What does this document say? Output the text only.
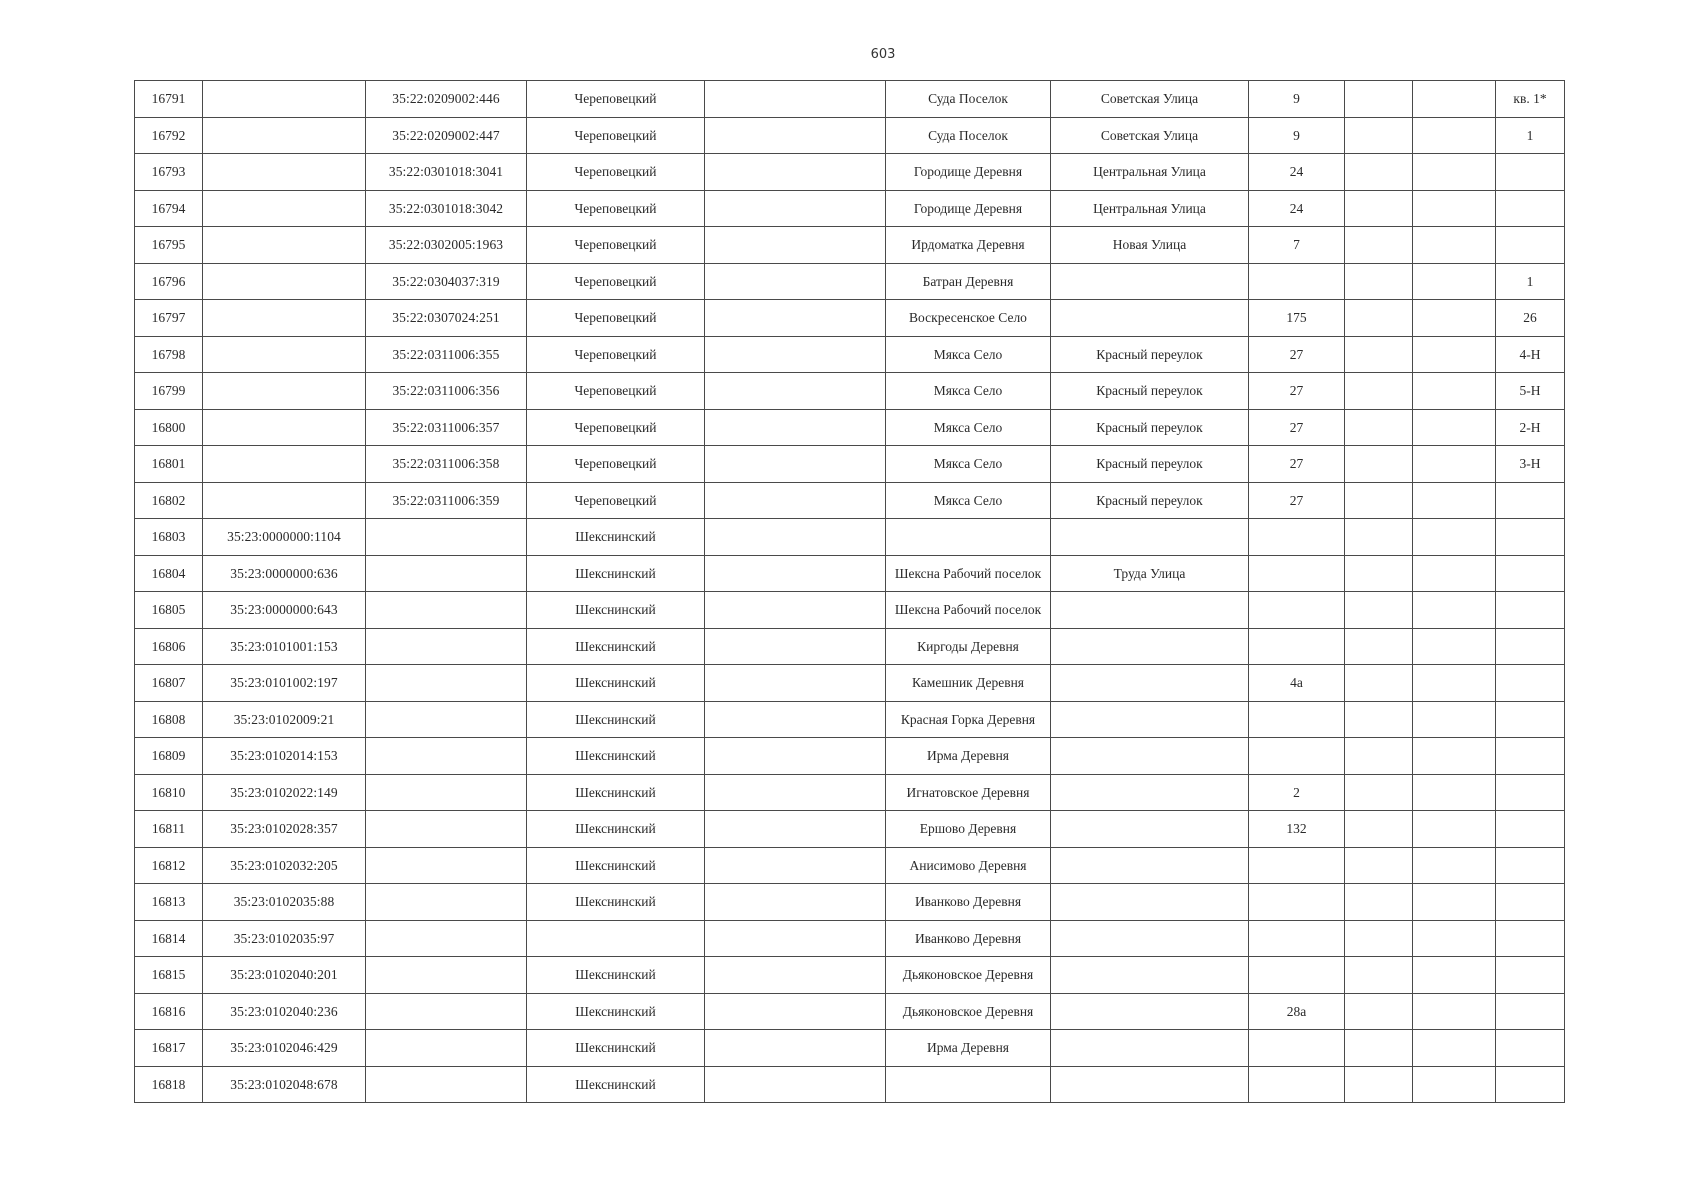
603
16791		35:22:0209002:446	Череповецкий		Суда Поселок	Советская Улица	9			кв. 1*
16792		35:22:0209002:447	Череповецкий		Суда Поселок	Советская Улица	9			1
16793		35:22:0301018:3041	Череповецкий		Городище Деревня	Центральная Улица	24			
16794		35:22:0301018:3042	Череповецкий		Городище Деревня	Центральная Улица	24			
16795		35:22:0302005:1963	Череповецкий		Ирдоматка Деревня	Новая Улица	7			
16796		35:22:0304037:319	Череповецкий		Батран Деревня					1
16797		35:22:0307024:251	Череповецкий		Воскресенское Село		175			26
16798		35:22:0311006:355	Череповецкий		Мякса Село	Красный переулок	27			4-Н
16799		35:22:0311006:356	Череповецкий		Мякса Село	Красный переулок	27			5-Н
16800		35:22:0311006:357	Череповецкий		Мякса Село	Красный переулок	27			2-Н
16801		35:22:0311006:358	Череповецкий		Мякса Село	Красный переулок	27			3-Н
16802		35:22:0311006:359	Череповецкий		Мякса Село	Красный переулок	27			
16803	35:23:0000000:1104		Шекснинский							
16804	35:23:0000000:636		Шекснинский		Шексна Рабочий поселок	Труда Улица				
16805	35:23:0000000:643		Шекснинский		Шексна Рабочий поселок					
16806	35:23:0101001:153		Шекснинский		Киргоды Деревня					
16807	35:23:0101002:197		Шекснинский		Камешник Деревня		4а			
16808	35:23:0102009:21		Шекснинский		Красная Горка Деревня					
16809	35:23:0102014:153		Шекснинский		Ирма Деревня					
16810	35:23:0102022:149		Шекснинский		Игнатовское Деревня		2			
16811	35:23:0102028:357		Шекснинский		Ершово Деревня		132			
16812	35:23:0102032:205		Шекснинский		Анисимово Деревня					
16813	35:23:0102035:88		Шекснинский		Иванково Деревня					
16814	35:23:0102035:97				Иванково Деревня					
16815	35:23:0102040:201		Шекснинский		Дьяконовское Деревня					
16816	35:23:0102040:236		Шекснинский		Дьяконовское Деревня		28а			
16817	35:23:0102046:429		Шекснинский		Ирма Деревня					
16818	35:23:0102048:678		Шекснинский							
